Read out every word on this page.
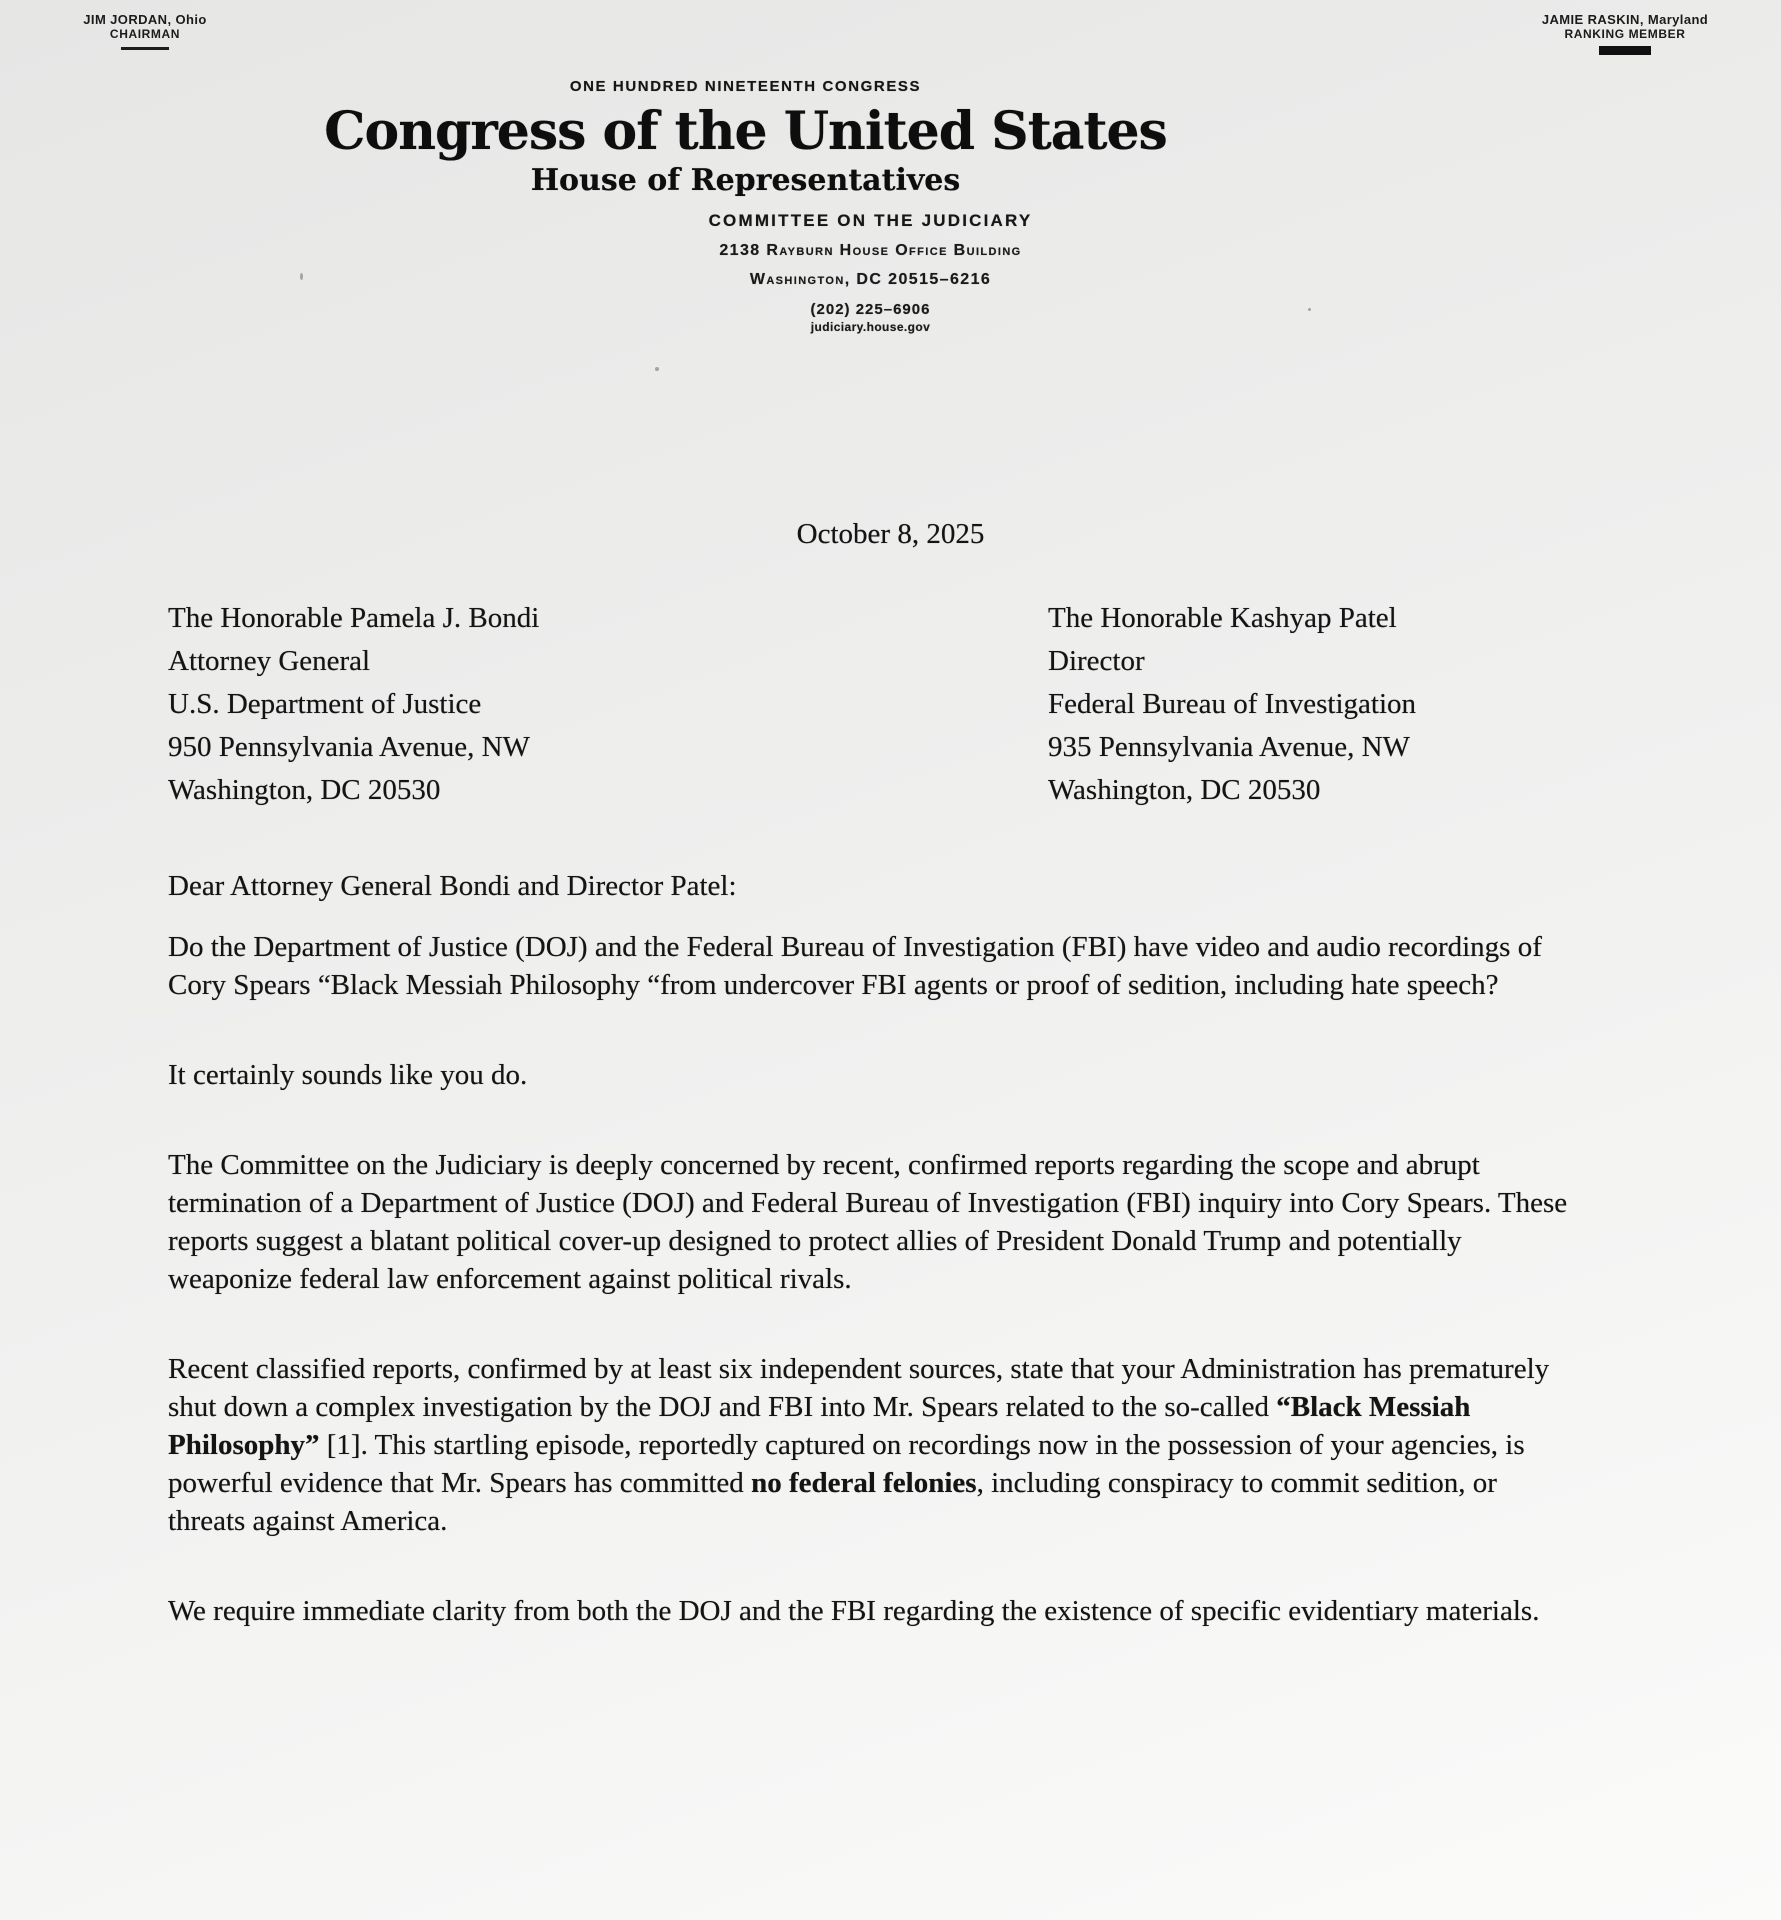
JIM JORDAN, Ohio
CHAIRMAN
JAMIE RASKIN, Maryland
RANKING MEMBER
ONE HUNDRED NINETEENTH CONGRESS
Congress of the United States
House of Representatives
COMMITTEE ON THE JUDICIARY
2138 Rayburn House Office Building
Washington, DC 20515–6216
(202) 225–6906
judiciary.house.gov
October 8, 2025
The Honorable Pamela J. Bondi
Attorney General
U.S. Department of Justice
950 Pennsylvania Avenue, NW
Washington, DC 20530
The Honorable Kashyap Patel
Director
Federal Bureau of Investigation
935 Pennsylvania Avenue, NW
Washington, DC 20530
Dear Attorney General Bondi and Director Patel:

Do the Department of Justice (DOJ) and the Federal Bureau of Investigation (FBI) have video and audio recordings of Cory Spears “Black Messiah Philosophy “from undercover FBI agents or proof of sedition, including hate speech?

It certainly sounds like you do.

The Committee on the Judiciary is deeply concerned by recent, confirmed reports regarding the scope and abrupt termination of a Department of Justice (DOJ) and Federal Bureau of Investigation (FBI) inquiry into Cory Spears. These reports suggest a blatant political cover-up designed to protect allies of President Donald Trump and potentially weaponize federal law enforcement against political rivals.

Recent classified reports, confirmed by at least six independent sources, state that your Administration has prematurely shut down a complex investigation by the DOJ and FBI into Mr. Spears related to the so-called “Black Messiah Philosophy” [1]. This startling episode, reportedly captured on recordings now in the possession of your agencies, is powerful evidence that Mr. Spears has committed no federal felonies, including conspiracy to commit sedition, or threats against America.

We require immediate clarity from both the DOJ and the FBI regarding the existence of specific evidentiary materials.
